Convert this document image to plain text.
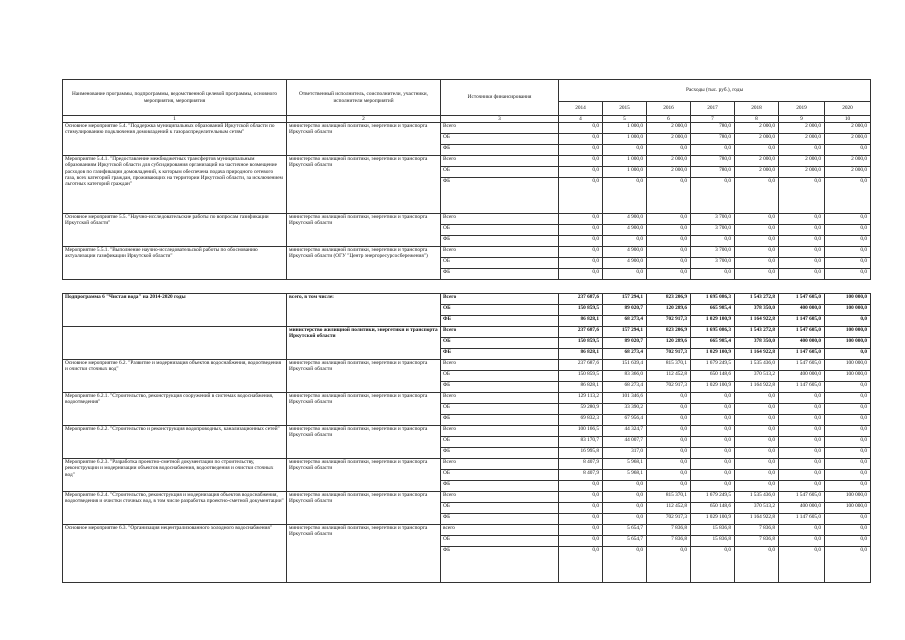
Наименование программы, подпрограммы, ведомственной целевой программы, основного мероприятия, мероприятия	Ответственный исполнитель, соисполнители, участники, исполнители мероприятий	Источники финансирования	Расходы (тыс. руб.), годы						
			2014	2015	2016	2017	2018	2019	2020
1	2	3	4	5	6	7	8	9	10
Основное мероприятие 5.4. "Поддержка муниципальных образований Иркутской области по стимулированию подключения домовладений к газораспределительным сетям"	министерство жилищной политики, энергетики и транспорта Иркутской области	Всего	0,0	1 000,0	2 000,0	780,0	2 000,0	2 000,0	2 000,0
		ОБ	0,0	1 000,0	2 000,0	780,0	2 000,0	2 000,0	2 000,0
		ФБ	0,0	0,0	0,0	0,0	0,0	0,0	0,0
Мероприятие 5.4.1. "Предоставление межбюджетных трансфертов муниципальным образованиям Иркутской области для субсидирования организаций на частичное возмещение расходов по газификации домовладений, к которым обеспечена подача природного сетевого газа, всех категорий граждан, проживающих на территории Иркутской области, за исключением льготных категорий граждан"	министерство жилищной политики, энергетики и транспорта Иркутской области	Всего	0,0	1 000,0	2 000,0	780,0	2 000,0	2 000,0	2 000,0
		ОБ	0,0	1 000,0	2 000,0	780,0	2 000,0	2 000,0	2 000,0
		ФБ	0,0	0,0	0,0	0,0	0,0	0,0	0,0
Основное мероприятие 5.5. "Научно-исследовательские работы по вопросам газификации Иркутской области"	министерство жилищной политики, энергетики и транспорта Иркутской области	Всего	0,0	4 900,0	0,0	3 700,0	0,0	0,0	0,0
		ОБ	0,0	4 900,0	0,0	3 700,0	0,0	0,0	0,0
		ФБ	0,0	0,0	0,0	0,0	0,0	0,0	0,0
Мероприятие 5.5.1. "Выполнение научно-исследовательской работы по обоснованию актуализации газификации Иркутской области"	министерство жилищной политики, энергетики и транспорта Иркутской области (ОГУ "Центр энергоресурсосбережения")	Всего	0,0	4 900,0	0,0	3 700,0	0,0	0,0	0,0
		ОБ	0,0	4 900,0	0,0	3 700,0	0,0	0,0	0,0
		ФБ	0,0	0,0	0,0	0,0	0,0	0,0	0,0

Подпрограмма 6 "Чистая вода" на 2014-2020 годы	всего, в том числе:	Всего	237 687,6	157 294,1	823 206,9	1 695 086,3	1 543 272,8	1 547 605,0	100 000,0
		ОБ	150 859,5	89 020,7	120 289,6	665 985,4	378 350,0	400 000,0	100 000,0
		ФБ	86 828,1	68 273,4	702 917,3	1 029 100,9	1 164 922,8	1 147 605,0	0,0
	министерство жилищной политики, энергетики и транспорта Иркутской области	Всего	237 687,6	157 294,1	823 206,9	1 695 086,3	1 543 272,8	1 547 605,0	100 000,0
		ОБ	150 859,5	89 020,7	120 289,6	665 985,4	378 350,0	400 000,0	100 000,0
		ФБ	86 828,1	68 273,4	702 917,3	1 029 100,9	1 164 922,8	1 147 605,0	0,0
Основное мероприятие 6.2. "Развитие и модернизация объектов водоснабжения, водоотведения и очистки сточных вод"	министерство жилищной политики, энергетики и транспорта Иркутской области	Всего	237 687,6	151 639,4	815 370,1	1 679 249,5	1 535 436,0	1 547 605,0	100 000,0
		ОБ	150 859,5	83 366,0	112 452,8	650 148,6	370 513,2	400 000,0	100 000,0
		ФБ	86 828,1	68 273,4	702 917,3	1 029 100,9	1 164 922,8	1 147 605,0	0,0
Мероприятие 6.2.1. "Строительство, реконструкция сооружений в системах водоснабжения, водоотведения"	министерство жилищной политики, энергетики и транспорта Иркутской области	Всего	129 113,2	101 346,6	0,0	0,0	0,0	0,0	0,0
		ОБ	59 280,9	33 390,2	0,0	0,0	0,0	0,0	0,0
		ФБ	69 832,3	67 956,4	0,0	0,0	0,0	0,0	0,0
Мероприятие 6.2.2. "Строительство и реконструкция водопроводных, канализационных сетей"	министерство жилищной политики, энергетики и транспорта Иркутской области	Всего	100 166,5	44 324,7	0,0	0,0	0,0	0,0	0,0
		ОБ	83 170,7	44 007,7	0,0	0,0	0,0	0,0	0,0
		ФБ	16 995,8	317,0	0,0	0,0	0,0	0,0	0,0
Мероприятие 6.2.3. "Разработка проектно-сметной документации по строительству, реконструкции и модернизации объектов водоснабжения, водоотведения и очистки сточных вод"	министерство жилищной политики, энергетики и транспорта Иркутской области	Всего	8 407,9	5 968,1	0,0	0,0	0,0	0,0	0,0
		ОБ	8 407,9	5 968,1	0,0	0,0	0,0	0,0	0,0
		ФБ	0,0	0,0	0,0	0,0	0,0	0,0	0,0
Мероприятие 6.2.4. "Строительство, реконструкция и модернизация объектов водоснабжения, водоотведения и очистки сточных вод, в том числе разработка проектно-сметной документации"	министерство жилищной политики, энергетики и транспорта Иркутской области	Всего	0,0	0,0	815 370,1	1 679 249,5	1 535 436,0	1 547 605,0	100 000,0
		ОБ	0,0	0,0	112 452,8	650 148,6	370 513,2	400 000,0	100 000,0
		ФБ	0,0	0,0	702 917,3	1 029 100,9	1 164 922,8	1 147 605,0	0,0
Основное мероприятие 6.3. "Организация нецентрализованного холодного водоснабжения"	министерство жилищной политики, энергетики и транспорта Иркутской области	всего	0,0	5 654,7	7 836,8	15 836,8	7 836,8	0,0	0,0
		ОБ	0,0	5 654,7	7 836,8	15 836,8	7 836,8	0,0	0,0
		ФБ	0,0	0,0	0,0	0,0	0,0	0,0	0,0
